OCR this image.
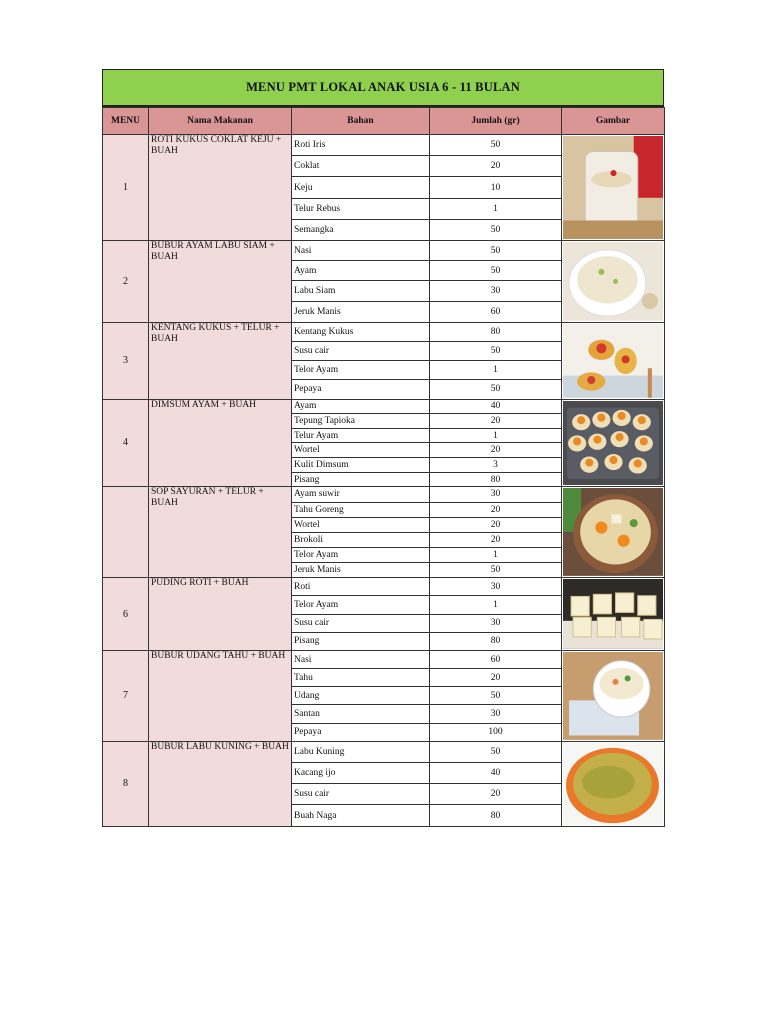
MENU PMT LOKAL ANAK USIA 6 - 11 BULAN
MENU	Nama Makanan	Bahan	Jumlah (gr)	Gambar
1	ROTI KUKUS COKLAT KEJU + BUAH	Roti Iris	50	

		Coklat	20	
		Keju	10	
		Telur Rebus	1	
		Semangka	50	
2	BUBUR AYAM LABU SIAM + BUAH	Nasi	50	

		Ayam	50	
		Labu Siam	30	
		Jeruk Manis	60	
3	KENTANG KUKUS + TELUR + BUAH	Kentang Kukus	80	

		Susu cair	50	
		Telor Ayam	1	
		Pepaya	50	
4	DIMSUM AYAM + BUAH	Ayam	40	

		Tepung Tapioka	20	
		Telur Ayam	1	
		Wortel	20	
		Kulit Dimsum	3	
		Pisang	80	
	SOP SAYURAN + TELUR + BUAH	Ayam suwir	30	

		Tahu Goreng	20	
		Wortel	20	
		Brokoli	20	
		Telor Ayam	1	
		Jeruk Manis	50	
6	PUDING ROTI + BUAH	Roti	30	

		Telor Ayam	1	
		Susu cair	30	
		Pisang	80	
7	BUBUR UDANG TAHU + BUAH	Nasi	60	

		Tahu	20	
		Udang	50	
		Santan	30	
		Pepaya	100	
8	BUBUR LABU KUNING + BUAH	Labu Kuning	50	

		Kacang ijo	40	
		Susu cair	20	
		Buah Naga	80	
